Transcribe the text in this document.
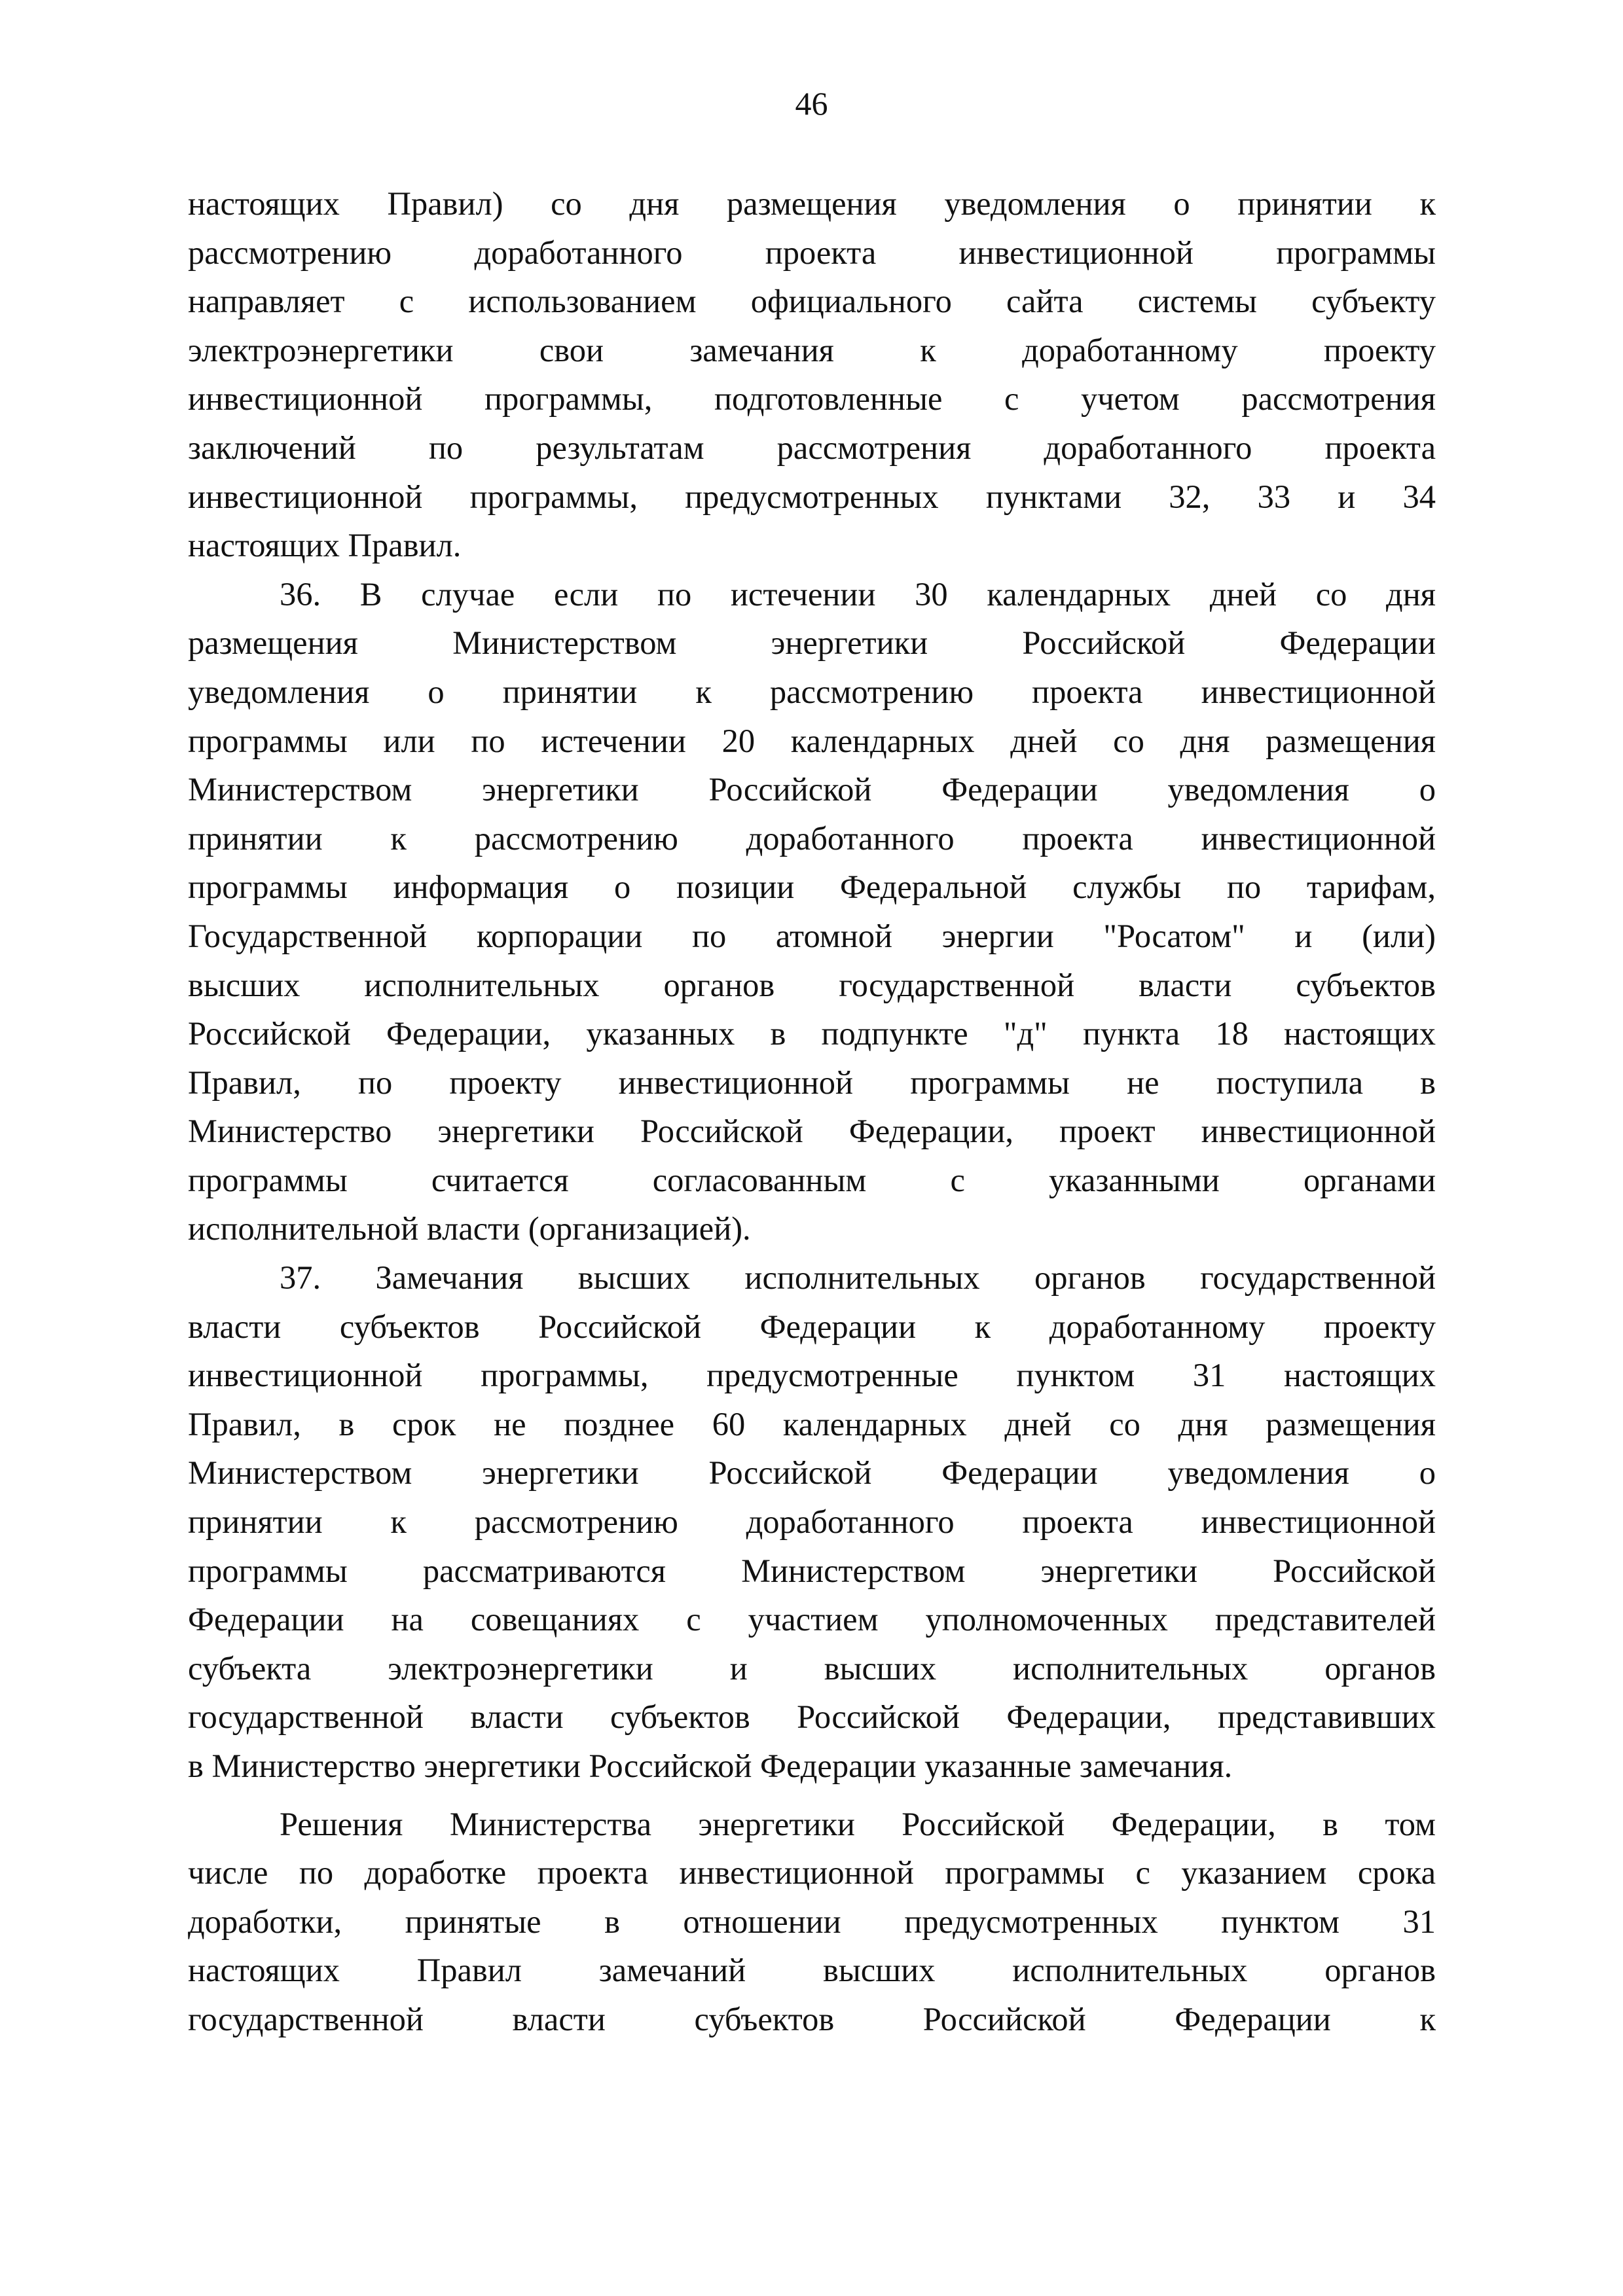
46
настоящих Правил) со дня размещения уведомления о принятии к
рассмотрению доработанного проекта инвестиционной программы
направляет с использованием официального сайта системы субъекту
электроэнергетики свои замечания к доработанному проекту
инвестиционной программы, подготовленные с учетом рассмотрения
заключений по результатам рассмотрения доработанного проекта
инвестиционной программы, предусмотренных пунктами 32, 33 и 34
настоящих Правил.
36. В случае если по истечении 30 календарных дней со дня
размещения Министерством энергетики Российской Федерации
уведомления о принятии к рассмотрению проекта инвестиционной
программы или по истечении 20 календарных дней со дня размещения
Министерством энергетики Российской Федерации уведомления о
принятии к рассмотрению доработанного проекта инвестиционной
программы информация о позиции Федеральной службы по тарифам,
Государственной корпорации по атомной энергии "Росатом" и (или)
высших исполнительных органов государственной власти субъектов
Российской Федерации, указанных в подпункте "д" пункта 18 настоящих
Правил, по проекту инвестиционной программы не поступила в
Министерство энергетики Российской Федерации, проект инвестиционной
программы считается согласованным с указанными органами
исполнительной власти (организацией).
37. Замечания высших исполнительных органов государственной
власти субъектов Российской Федерации к доработанному проекту
инвестиционной программы, предусмотренные пунктом 31 настоящих
Правил, в срок не позднее 60 календарных дней со дня размещения
Министерством энергетики Российской Федерации уведомления о
принятии к рассмотрению доработанного проекта инвестиционной
программы рассматриваются Министерством энергетики Российской
Федерации на совещаниях с участием уполномоченных представителей
субъекта электроэнергетики и высших исполнительных органов
государственной власти субъектов Российской Федерации, представивших
в Министерство энергетики Российской Федерации указанные замечания.
Решения Министерства энергетики Российской Федерации, в том
числе по доработке проекта инвестиционной программы с указанием срока
доработки, принятые в отношении предусмотренных пунктом 31
настоящих Правил замечаний высших исполнительных органов
государственной власти субъектов Российской Федерации к
